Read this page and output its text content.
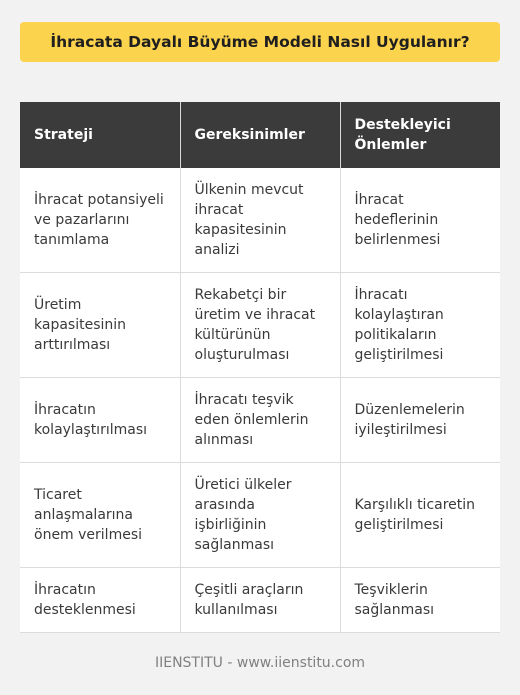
İhracata Dayalı Büyüme Modeli Nasıl Uygulanır?
Strateji	Gereksinimler	Destekleyici Önlemler
İhracat potansiyeli ve pazarlarını tanımlama	Ülkenin mevcut ihracat kapasitesinin analizi	İhracat hedeflerinin belirlenmesi
Üretim kapasitesinin arttırılması	Rekabetçi bir üretim ve ihracat kültürünün oluşturulması	İhracatı kolaylaştıran politikaların geliştirilmesi
İhracatın kolaylaştırılması	İhracatı teşvik eden önlemlerin alınması	Düzenlemelerin iyileştirilmesi
Ticaret anlaşmalarına önem verilmesi	Üretici ülkeler arasında işbirliğinin sağlanması	Karşılıklı ticaretin geliştirilmesi
İhracatın desteklenmesi	Çeşitli araçların kullanılması	Teşviklerin sağlanması
IIENSTITU - www.iienstitu.com
